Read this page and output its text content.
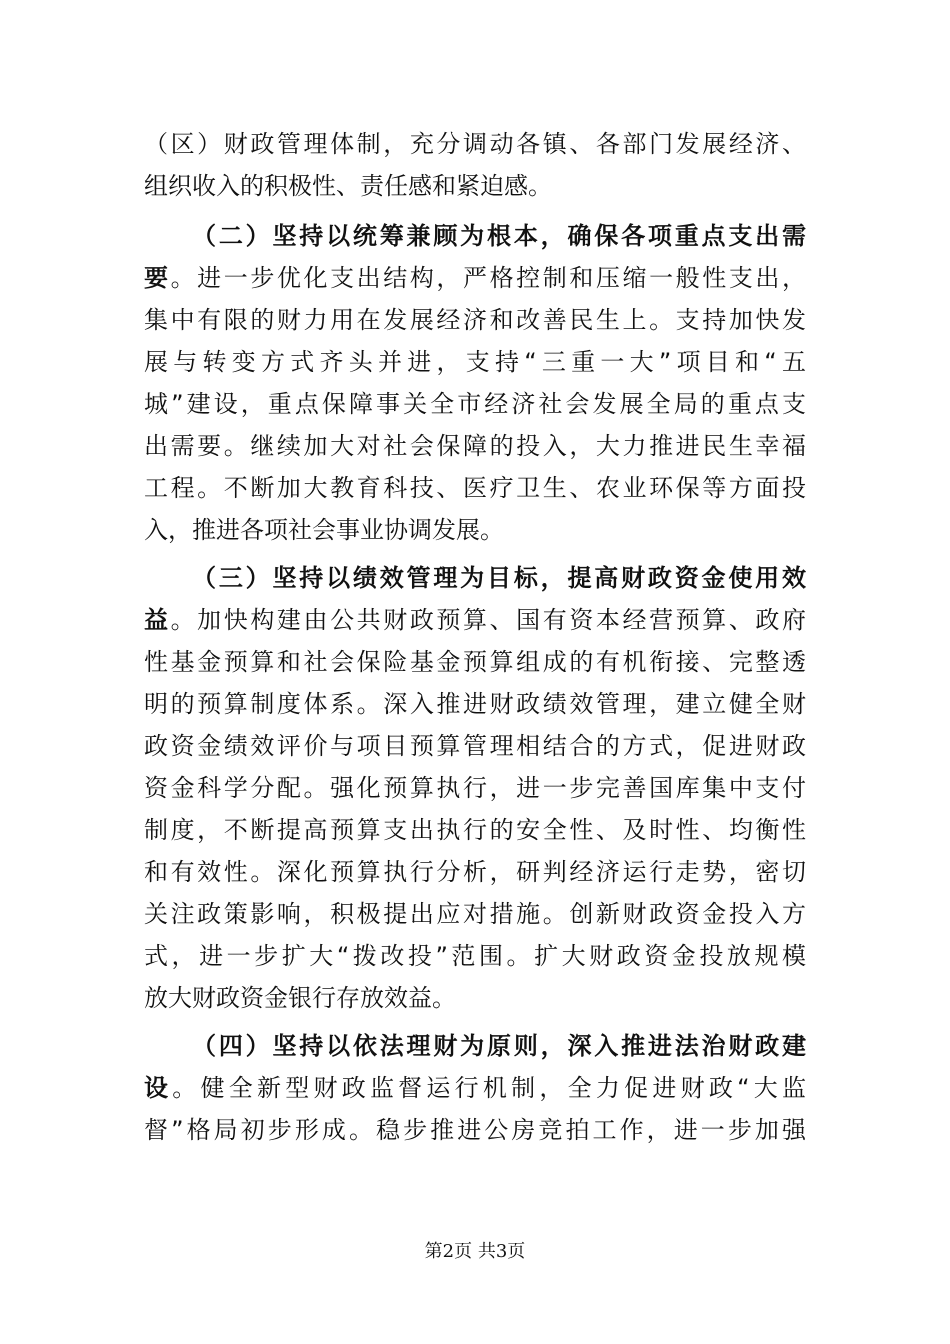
（区）财政管理体制，充分调动各镇、各部门发展经济、
组织收入的积极性、责任感和紧迫感。
（二）坚持以统筹兼顾为根本，确保各项重点支出需
要。进一步优化支出结构，严格控制和压缩一般性支出，
集中有限的财力用在发展经济和改善民生上。支持加快发
展与转变方式齐头并进，支持“三重一大”项目和“五
城”建设，重点保障事关全市经济社会发展全局的重点支
出需要。继续加大对社会保障的投入，大力推进民生幸福
工程。不断加大教育科技、医疗卫生、农业环保等方面投
入，推进各项社会事业协调发展。
（三）坚持以绩效管理为目标，提高财政资金使用效
益。加快构建由公共财政预算、国有资本经营预算、政府
性基金预算和社会保险基金预算组成的有机衔接、完整透
明的预算制度体系。深入推进财政绩效管理，建立健全财
政资金绩效评价与项目预算管理相结合的方式，促进财政
资金科学分配。强化预算执行，进一步完善国库集中支付
制度，不断提高预算支出执行的安全性、及时性、均衡性
和有效性。深化预算执行分析，研判经济运行走势，密切
关注政策影响，积极提出应对措施。创新财政资金投入方
式，进一步扩大“拨改投”范围。扩大财政资金投放规模
放大财政资金银行存放效益。
（四）坚持以依法理财为原则，深入推进法治财政建
设。健全新型财政监督运行机制，全力促进财政“大监
督”格局初步形成。稳步推进公房竞拍工作，进一步加强
第2页 共3页
